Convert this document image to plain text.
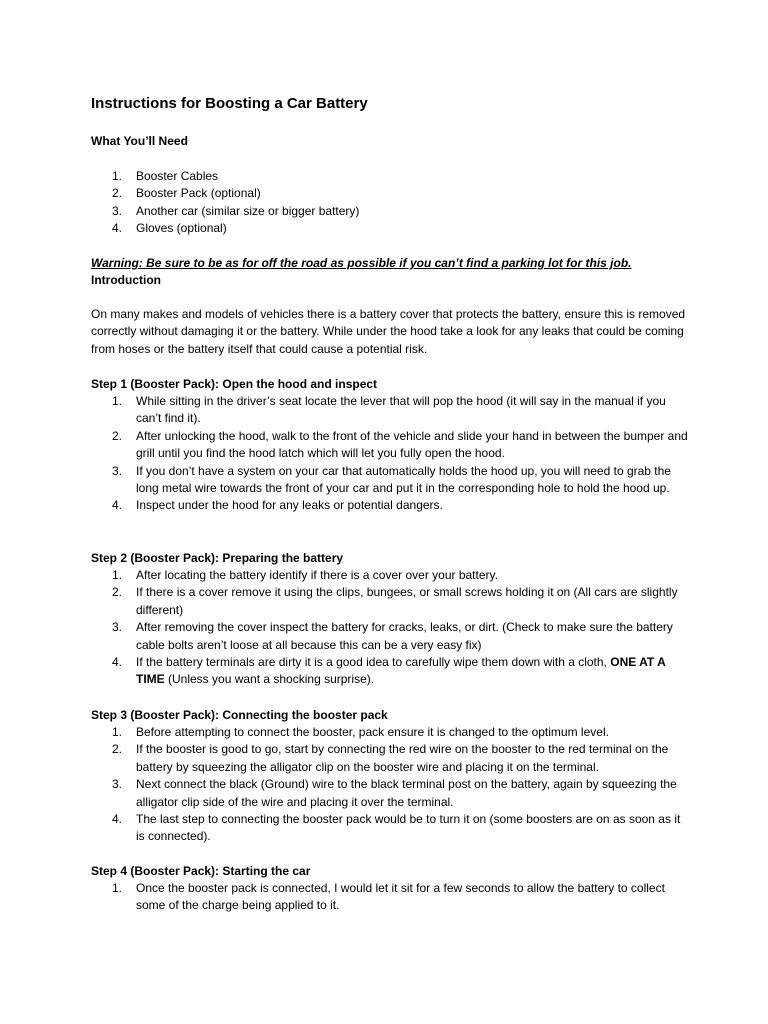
Instructions for Boosting a Car Battery

What You’ll Need

1. Booster Cables
2. Booster Pack (optional)
3. Another car (similar size or bigger battery)
4. Gloves (optional)

Warning: Be sure to be as for off the road as possible if you can’t find a parking lot for this job.

Introduction

On many makes and models of vehicles there is a battery cover that protects the battery, ensure this is removed correctly without damaging it or the battery. While under the hood take a look for any leaks that could be coming from hoses or the battery itself that could cause a potential risk.

Step 1 (Booster Pack): Open the hood and inspect

1. While sitting in the driver’s seat locate the lever that will pop the hood (it will say in the manual if you can’t find it).
2. After unlocking the hood, walk to the front of the vehicle and slide your hand in between the bumper and grill until you find the hood latch which will let you fully open the hood.
3. If you don’t have a system on your car that automatically holds the hood up, you will need to grab the long metal wire towards the front of your car and put it in the corresponding hole to hold the hood up.
4. Inspect under the hood for any leaks or potential dangers.

Step 2 (Booster Pack): Preparing the battery

1. After locating the battery identify if there is a cover over your battery.
2. If there is a cover remove it using the clips, bungees, or small screws holding it on (All cars are slightly different)
3. After removing the cover inspect the battery for cracks, leaks, or dirt. (Check to make sure the battery cable bolts aren’t loose at all because this can be a very easy fix)
4. If the battery terminals are dirty it is a good idea to carefully wipe them down with a cloth, ONE AT A TIME (Unless you want a shocking surprise).

Step 3 (Booster Pack): Connecting the booster pack

1. Before attempting to connect the booster, pack ensure it is changed to the optimum level.
2. If the booster is good to go, start by connecting the red wire on the booster to the red terminal on the battery by squeezing the alligator clip on the booster wire and placing it on the terminal.
3. Next connect the black (Ground) wire to the black terminal post on the battery, again by squeezing the alligator clip side of the wire and placing it over the terminal.
4. The last step to connecting the booster pack would be to turn it on (some boosters are on as soon as it is connected).

Step 4 (Booster Pack): Starting the car

1. Once the booster pack is connected, I would let it sit for a few seconds to allow the battery to collect some of the charge being applied to it.
